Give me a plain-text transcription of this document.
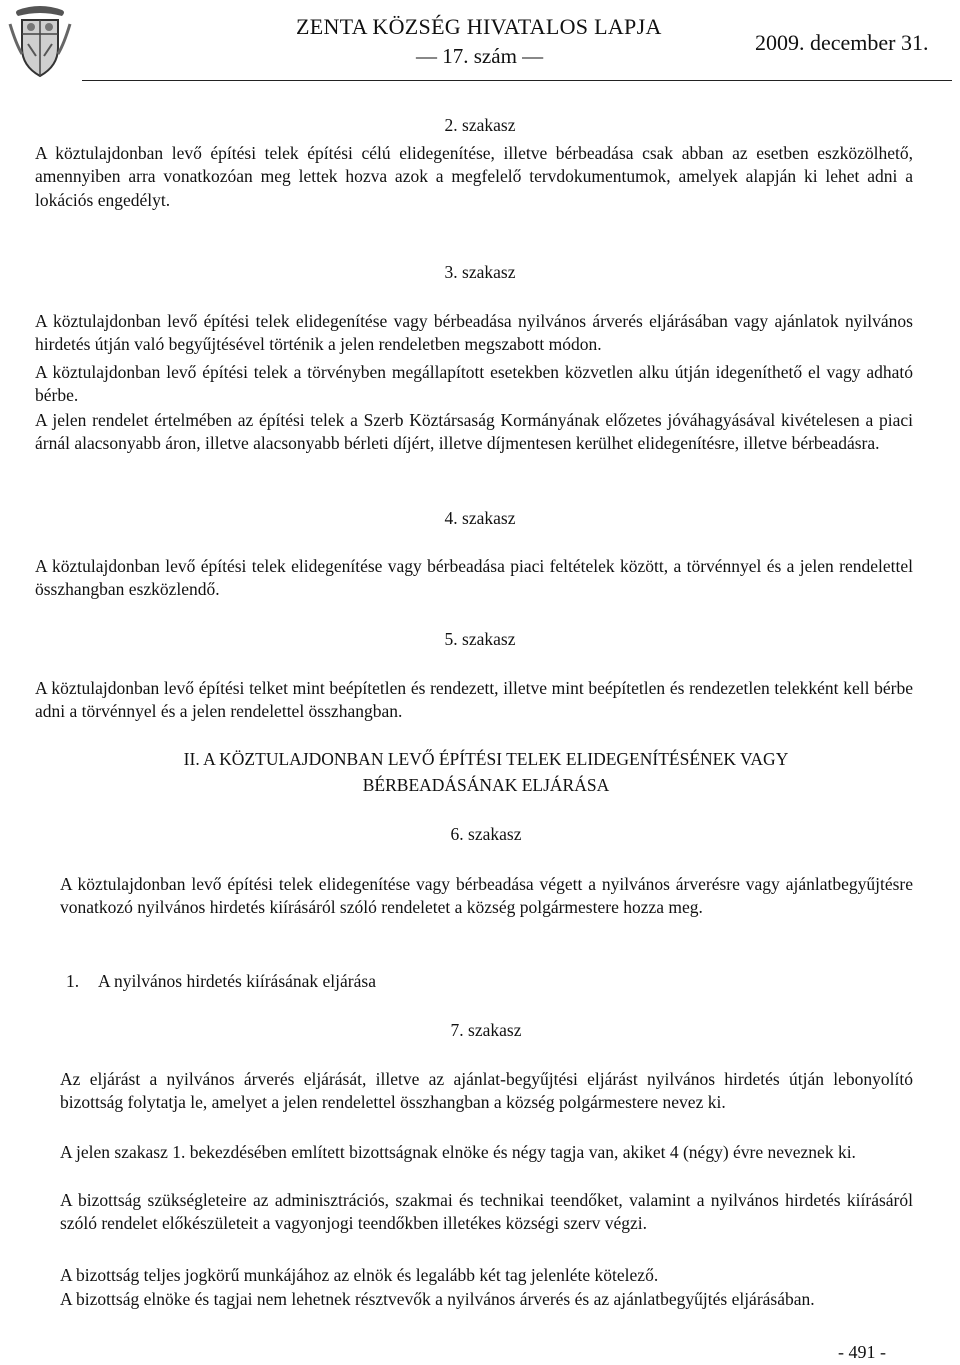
ZENTA KÖZSÉG HIVATALOS LAPJA
― 17. szám ―
2009. december 31.
2. szakasz
A köztulajdonban levő építési telek építési célú elidegenítése, illetve bérbeadása csak abban az esetben eszközölhető, amennyiben arra vonatkozóan meg lettek hozva azok a megfelelő tervdokumentumok, amelyek alapján ki lehet adni a lokációs engedélyt.
3. szakasz
A köztulajdonban levő építési telek elidegenítése vagy bérbeadása nyilvános árverés eljárásában vagy ajánlatok nyilvános hirdetés útján való begyűjtésével történik a jelen rendeletben megszabott módon.
A köztulajdonban levő építési telek a törvényben megállapított esetekben közvetlen alku útján idegeníthető el vagy adható bérbe.
A jelen rendelet értelmében az építési telek a Szerb Köztársaság Kormányának előzetes jóváhagyásával kivételesen a piaci árnál alacsonyabb áron, illetve alacsonyabb bérleti díjért, illetve díjmentesen kerülhet elidegenítésre, illetve bérbeadásra.
4. szakasz
A köztulajdonban levő építési telek elidegenítése vagy bérbeadása piaci feltételek között, a törvénnyel és a jelen rendelettel összhangban eszközlendő.
5. szakasz
A köztulajdonban levő építési telket mint beépítetlen és rendezett, illetve mint beépítetlen és rendezetlen telekként kell bérbe adni a törvénnyel és a jelen rendelettel összhangban.
II. A KÖZTULAJDONBAN LEVŐ ÉPÍTÉSI TELEK ELIDEGENÍTÉSÉNEK VAGY
BÉRBEADÁSÁNAK ELJÁRÁSA
6. szakasz
A köztulajdonban levő építési telek elidegenítése vagy bérbeadása végett a nyilvános árverésre vagy ajánlatbegyűjtésre vonatkozó nyilvános hirdetés kiírásáról szóló rendeletet a község polgármestere hozza meg.
1. A nyilvános hirdetés kiírásának eljárása
7. szakasz
Az eljárást a nyilvános árverés eljárását, illetve az ajánlat-begyűjtési eljárást nyilvános hirdetés útján lebonyolító bizottság folytatja le, amelyet a jelen rendelettel összhangban a község polgármestere nevez ki.
A jelen szakasz 1. bekezdésében említett bizottságnak elnöke és négy tagja van, akiket 4 (négy) évre neveznek ki.
A bizottság szükségleteire az adminisztrációs, szakmai és technikai teendőket, valamint a nyilvános hirdetés kiírásáról szóló rendelet előkészületeit a vagyonjogi teendőkben illetékes községi szerv végzi.
A bizottság teljes jogkörű munkájához az elnök és legalább két tag jelenléte kötelező.
A bizottság elnöke és tagjai nem lehetnek résztvevők a nyilvános árverés és az ajánlatbegyűjtés eljárásában.
- 491 -
